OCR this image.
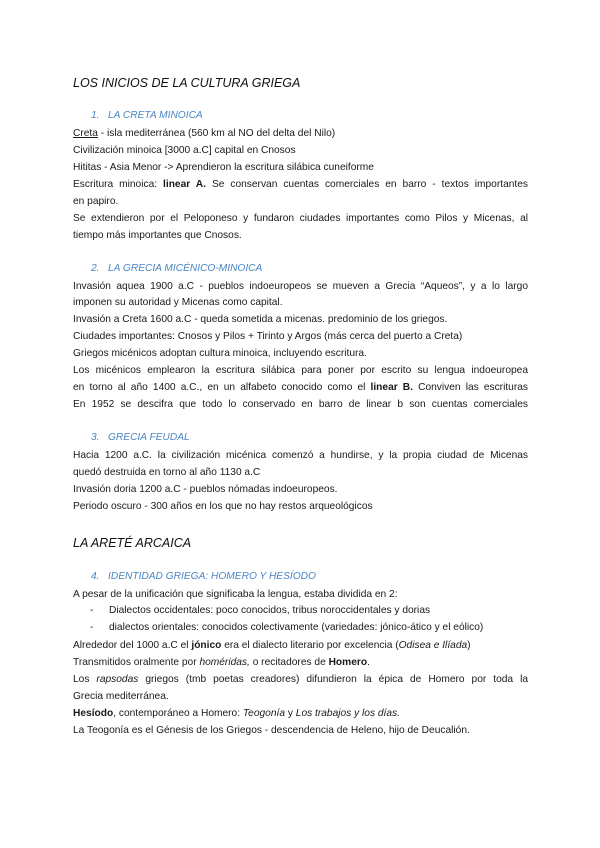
LOS INICIOS DE LA CULTURA GRIEGA
1. LA CRETA MINOICA
Creta - isla mediterránea (560 km al NO del delta del Nilo)
Civilización minoica [3000 a.C] capital en Cnosos
Hititas - Asia Menor -> Aprendieron la escritura silábica cuneiforme
Escritura minoica: linear A. Se conservan cuentas comerciales en barro - textos importantes
en papiro.
Se extendieron por el Peloponeso y fundaron ciudades importantes como Pilos y Micenas, al
tiempo más importantes que Cnosos.
2. LA GRECIA MICÉNICO-MINOICA
Invasión aquea 1900 a.C - pueblos indoeuropeos se mueven a Grecia “Aqueos”, y a lo largo
imponen su autoridad y Micenas como capital.
Invasión a Creta 1600 a.C - queda sometida a micenas. predominio de los griegos.
Ciudades importantes: Cnosos y Pilos + Tirinto y Argos (más cerca del puerto a Creta)
Griegos micénicos adoptan cultura minoica, incluyendo escritura.
Los micénicos emplearon la escritura silábica para poner por escrito su lengua indoeuropea
en torno al año 1400 a.C., en un alfabeto conocido como el linear B. Conviven las escrituras
En 1952 se descifra que todo lo conservado en barro de linear b son cuentas comerciales
3. GRECIA FEUDAL
Hacia 1200 a.C. la civilización micénica comenzó a hundirse, y la propia ciudad de Micenas
quedó destruida en torno al año 1130 a.C
Invasión doria 1200 a.C - pueblos nómadas indoeuropeos.
Periodo oscuro - 300 años en los que no hay restos arqueológicos
LA ARETÉ ARCAICA
4. IDENTIDAD GRIEGA: HOMERO Y HESÍODO
A pesar de la unificación que significaba la lengua, estaba dividida en 2:
- Dialectos occidentales: poco conocidos, tribus noroccidentales y dorias
- dialectos orientales: conocidos colectivamente (variedades: jónico-ático y el eólico)
Alrededor del 1000 a.C el jónico era el dialecto literario por excelencia (Odisea e Ilíada)
Transmitidos oralmente por homéridas, o recitadores de Homero.
Los rapsodas griegos (tmb poetas creadores) difundieron la épica de Homero por toda la
Grecia mediterránea.
Hesíodo, contemporáneo a Homero: Teogonía y Los trabajos y los días.
La Teogonía es el Génesis de los Griegos - descendencia de Heleno, hijo de Deucalión.
